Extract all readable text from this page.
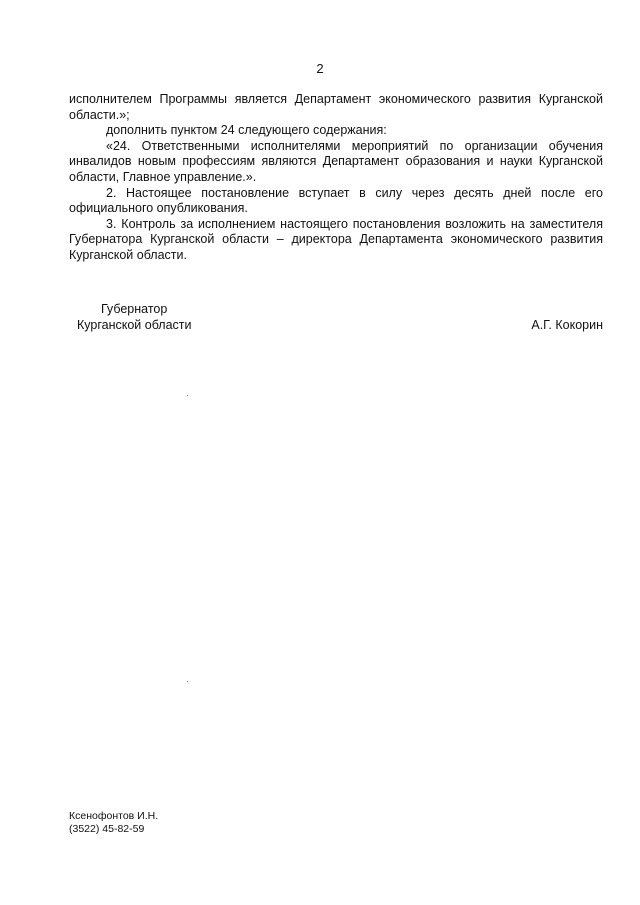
2

исполнителем Программы является Департамент экономического развития Курганской области.»;

дополнить пунктом 24 следующего содержания:

«24. Ответственными исполнителями мероприятий по организации обучения инвалидов новым профессиям являются Департамент образования и науки Курганской области, Главное управление.».

2. Настоящее постановление вступает в силу через десять дней после его официального опубликования.

3. Контроль за исполнением настоящего постановления возложить на заместителя Губернатора Курганской области – директора Департамента экономического развития Курганской области.

Губернатор
Курганской области	А.Г. Кокорин
Ксенофонтов И.Н.
(3522) 45-82-59
